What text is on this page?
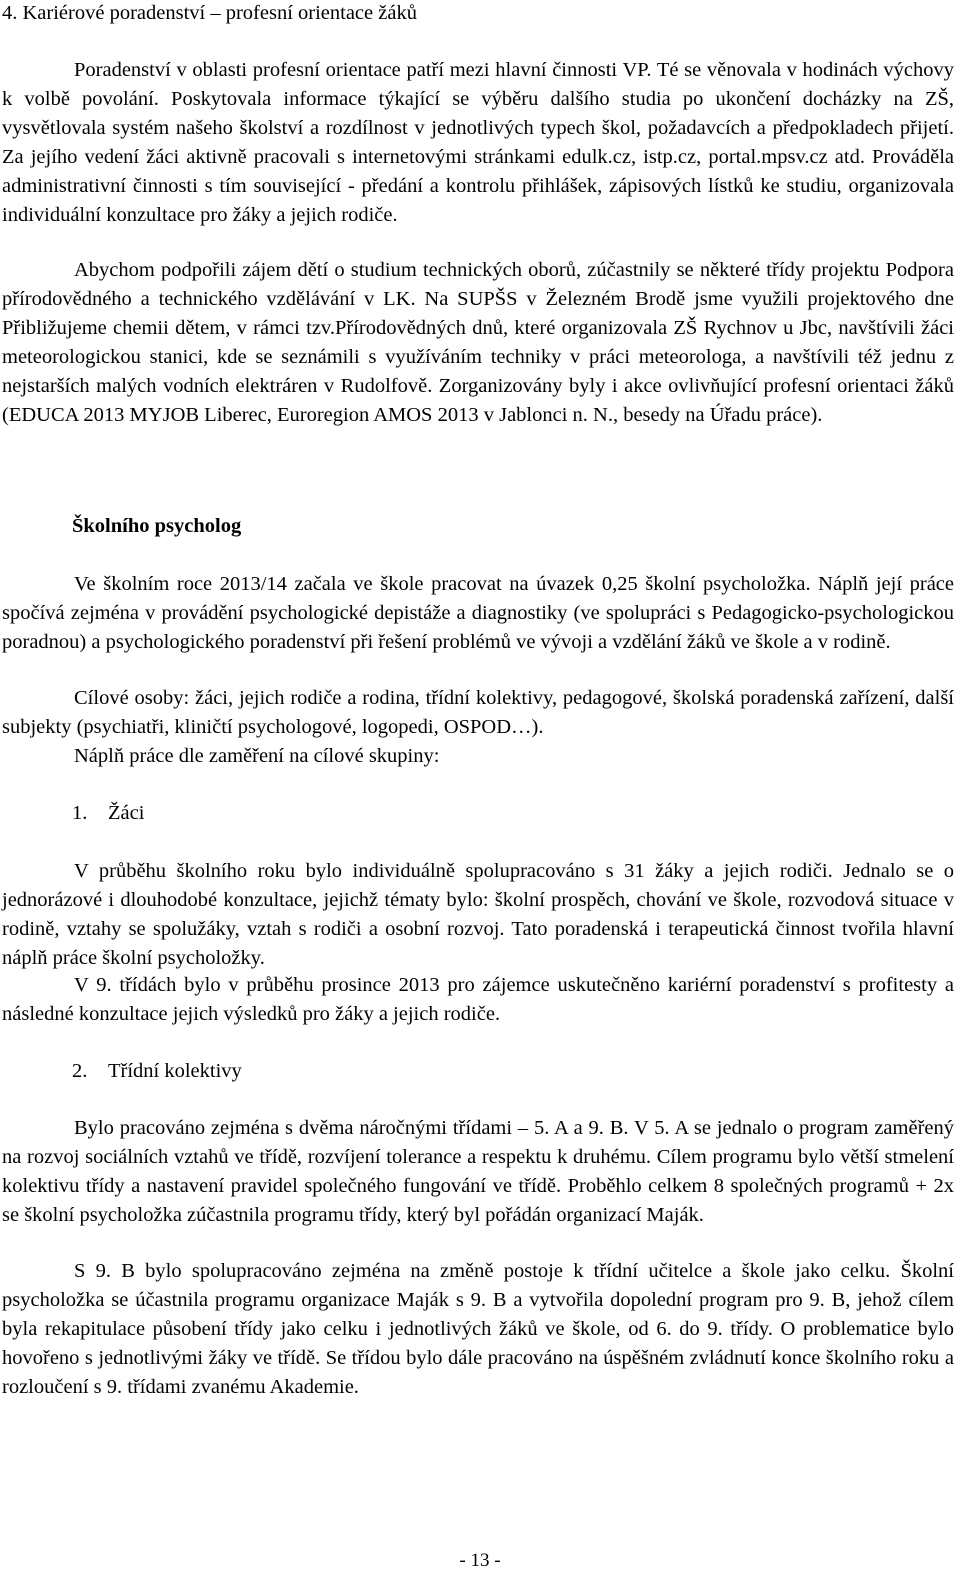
4. Kariérové poradenství – profesní orientace žáků

Poradenství v oblasti profesní orientace patří mezi hlavní činnosti VP. Té se věnovala v hodinách výchovy k volbě povolání. Poskytovala informace týkající se výběru dalšího studia po ukončení docházky na ZŠ, vysvětlovala systém našeho školství a rozdílnost v jednotlivých typech škol, požadavcích a předpokladech přijetí. Za jejího vedení žáci aktivně pracovali s internetovými stránkami edulk.cz, istp.cz, portal.mpsv.cz atd. Prováděla administrativní činnosti s tím související - předání a kontrolu přihlášek, zápisových lístků ke studiu, organizovala individuální konzultace pro žáky a jejich rodiče.

Abychom podpořili zájem dětí o studium technických oborů, zúčastnily se některé třídy projektu Podpora přírodovědného a technického vzdělávání v LK. Na SUPŠS v Železném Brodě jsme využili projektového dne Přibližujeme chemii dětem, v rámci tzv.Přírodovědných dnů, které organizovala ZŠ Rychnov u Jbc, navštívili žáci meteorologickou stanici, kde se seznámili s využíváním techniky v práci meteorologa, a navštívili též jednu z nejstarších malých vodních elektráren v Rudolfově. Zorganizovány byly i akce ovlivňující profesní orientaci žáků (EDUCA 2013 MYJOB Liberec, Euroregion AMOS 2013 v Jablonci n. N., besedy na Úřadu práce).

Školního psycholog

Ve školním roce 2013/14 začala ve škole pracovat na úvazek 0,25 školní psycholožka. Náplň její práce spočívá zejména v provádění psychologické depistáže a diagnostiky (ve spolupráci s Pedagogicko-psychologickou poradnou) a psychologického poradenství při řešení problémů ve vývoji a vzdělání žáků ve škole a v rodině.

Cílové osoby: žáci, jejich rodiče a rodina, třídní kolektivy, pedagogové, školská poradenská zařízení, další subjekty (psychiatři, kliničtí psychologové, logopedi, OSPOD…).

Náplň práce dle zaměření na cílové skupiny:

1. Žáci

V průběhu školního roku bylo individuálně spolupracováno s 31 žáky a jejich rodiči. Jednalo se o jednorázové i dlouhodobé konzultace, jejichž tématy bylo: školní prospěch, chování ve škole, rozvodová situace v rodině, vztahy se spolužáky, vztah s rodiči a osobní rozvoj. Tato poradenská i terapeutická činnost tvořila hlavní náplň práce školní psycholožky.

V 9. třídách bylo v průběhu prosince 2013 pro zájemce uskutečněno kariérní poradenství s profitesty a následné konzultace jejich výsledků pro žáky a jejich rodiče.

2. Třídní kolektivy

Bylo pracováno zejména s dvěma náročnými třídami – 5. A a 9. B. V 5. A se jednalo o program zaměřený na rozvoj sociálních vztahů ve třídě, rozvíjení tolerance a respektu k druhému. Cílem programu bylo větší stmelení kolektivu třídy a nastavení pravidel společného fungování ve třídě. Proběhlo celkem 8 společných programů + 2x se školní psycholožka zúčastnila programu třídy, který byl pořádán organizací Maják.

S 9. B bylo spolupracováno zejména na změně postoje k třídní učitelce a škole jako celku. Školní psycholožka se účastnila programu organizace Maják s 9. B a vytvořila dopolední program pro 9. B, jehož cílem byla rekapitulace působení třídy jako celku i jednotlivých žáků ve škole, od 6. do 9. třídy. O problematice bylo hovořeno s jednotlivými žáky ve třídě. Se třídou bylo dále pracováno na úspěšném zvládnutí konce školního roku a rozloučení s 9. třídami zvanému Akademie.

- 13 -
